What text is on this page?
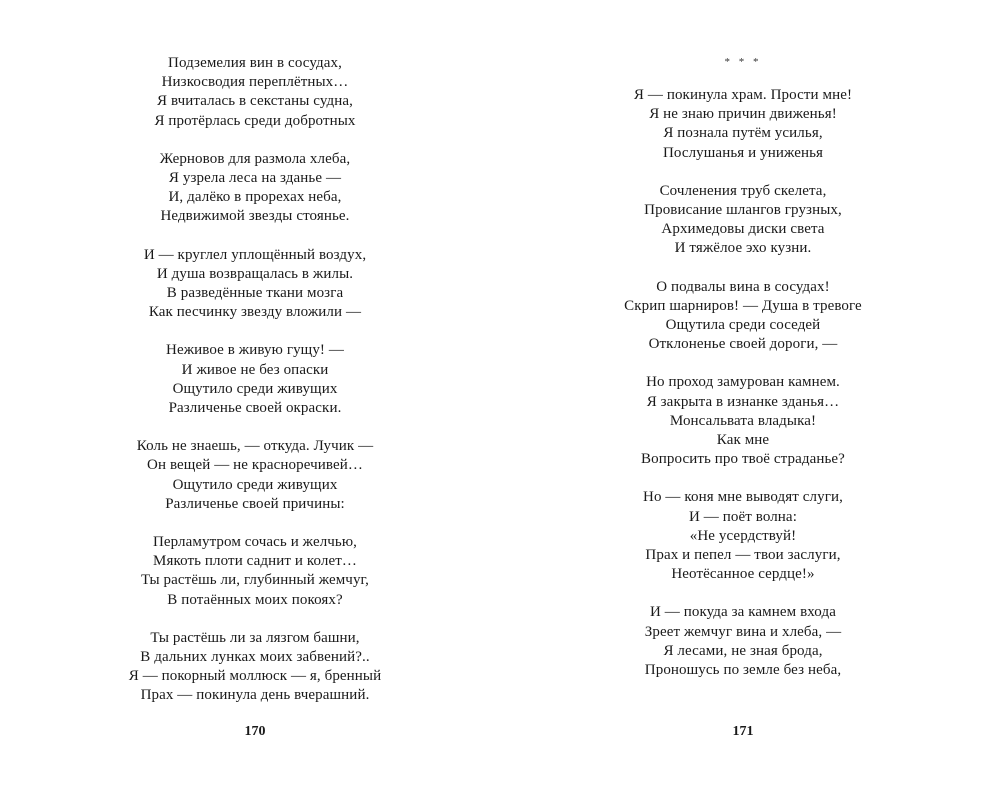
Подземелия вин в сосудах,
Низкосводия переплётных…
Я вчиталась в секстаны судна,
Я протёрлась среди добротных
Жерновов для размола хлеба,
Я узрела леса на зданье —
И, далёко в прорехах неба,
Недвижимой звезды стоянье.
И — круглел уплощённый воздух,
И душа возвращалась в жилы.
В разведённые ткани мозга
Как песчинку звезду вложили —
Неживое в живую гущу! —
И живое не без опаски
Ощутило среди живущих
Различенье своей окраски.
Коль не знаешь, — откуда. Лучик —
Он вещей — не красноречивей…
Ощутило среди живущих
Различенье своей причины:
Перламутром сочась и желчью,
Мякоть плоти саднит и колет…
Ты растёшь ли, глубинный жемчуг,
В потаённых моих покоях?
Ты растёшь ли за лязгом башни,
В дальних лунках моих забвений?..
Я — покорный моллюск — я, бренный
Прах — покинула день вчерашний.
170
* * *
Я — покинула храм. Прости мне!
Я не знаю причин движенья!
Я познала путём усилья,
Послушанья и униженья
Сочленения труб скелета,
Провисание шлангов грузных,
Архимедовы диски света
И тяжёлое эхо кузни.
О подвалы вина в сосудах!
Скрип шарниров! — Душа в тревоге
Ощутила среди соседей
Отклоненье своей дороги, —
Но проход замурован камнем.
Я закрыта в изнанке зданья…
Монсальвата владыка!
Как мне
Вопросить про твоё страданье?
Но — коня мне выводят слуги,
И — поёт волна:
«Не усердствуй!
Прах и пепел — твои заслуги,
Неотёсанное сердце!»
И — покуда за камнем входа
Зреет жемчуг вина и хлеба, —
Я лесами, не зная брода,
Проношусь по земле без неба,
171
